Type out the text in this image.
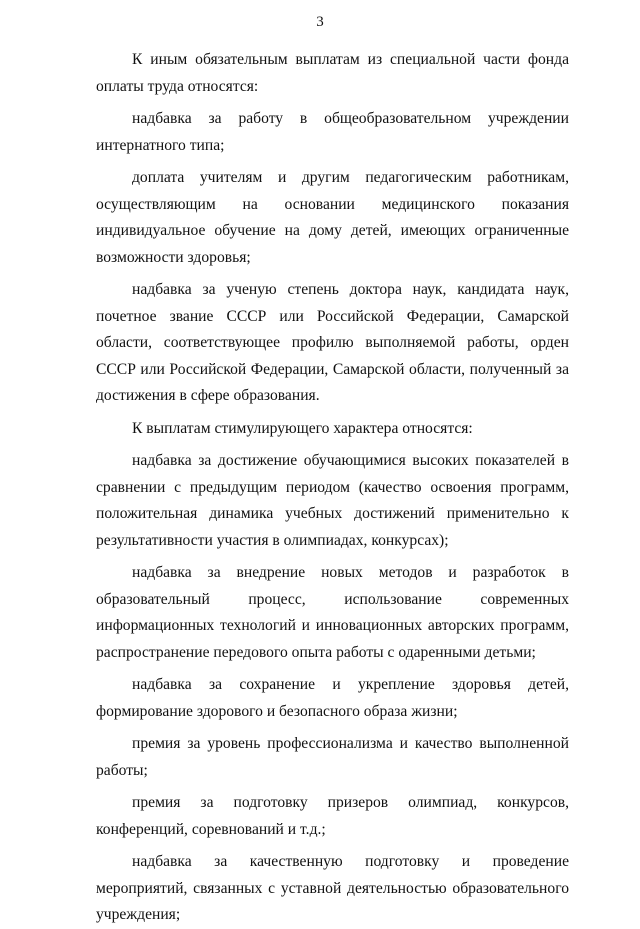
3

К иным обязательным выплатам из специальной части фонда оплаты труда относятся:

надбавка за работу в общеобразовательном учреждении интернатного типа;

доплата учителям и другим педагогическим работникам, осуществляющим на основании медицинского показания индивидуальное обучение на дому детей, имеющих ограниченные возможности здоровья;

надбавка за ученую степень доктора наук, кандидата наук, почетное звание СССР или Российской Федерации, Самарской области, соответствующее профилю выполняемой работы, орден СССР или Российской Федерации, Самарской области, полученный за достижения в сфере образования.

К выплатам стимулирующего характера относятся:

надбавка за достижение обучающимися высоких показателей в сравнении с предыдущим периодом (качество освоения программ, положительная динамика учебных достижений применительно к результативности участия в олимпиадах, конкурсах);

надбавка за внедрение новых методов и разработок в образовательный процесс, использование современных информационных технологий и инновационных авторских программ, распространение передового опыта работы с одаренными детьми;

надбавка за сохранение и укрепление здоровья детей, формирование здорового и безопасного образа жизни;

премия за уровень профессионализма и качество выполненной работы;

премия за подготовку призеров олимпиад, конкурсов, конференций, соревнований и т.д.;

надбавка за качественную подготовку и проведение мероприятий, связанных с уставной деятельностью образовательного учреждения;
